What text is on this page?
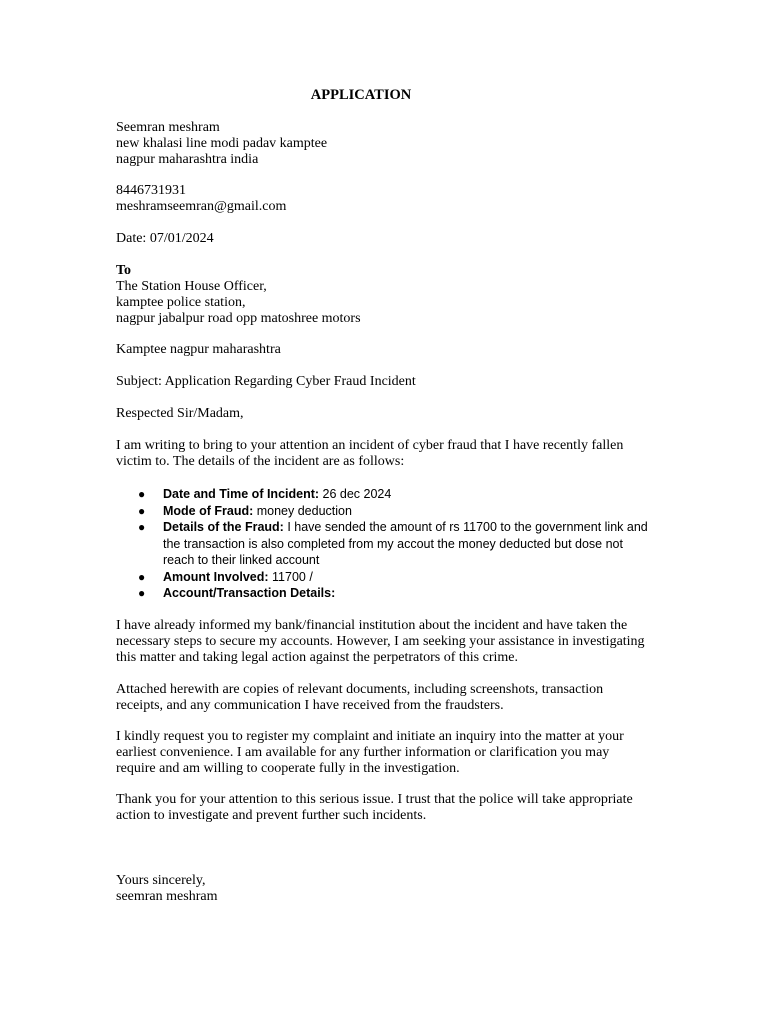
APPLICATION
Seemran meshram
new khalasi line modi padav kamptee
nagpur maharashtra india
8446731931
meshramseemran@gmail.com
Date: 07/01/2024
To
The Station House Officer,
kamptee police station,
nagpur jabalpur road opp matoshree motors
Kamptee nagpur maharashtra
Subject: Application Regarding Cyber Fraud Incident
Respected Sir/Madam,

I am writing to bring to your attention an incident of cyber fraud that I have recently fallen victim to. The details of the incident are as follows:

● Date and Time of Incident: 26 dec 2024
● Mode of Fraud: money deduction
● Details of the Fraud: I have sended the amount of rs 11700 to the government link and the transaction is also completed from my accout the money deducted but dose not reach to their linked account
● Amount Involved: 11700 /
● Account/Transaction Details:

I have already informed my bank/financial institution about the incident and have taken the necessary steps to secure my accounts. However, I am seeking your assistance in investigating this matter and taking legal action against the perpetrators of this crime.

Attached herewith are copies of relevant documents, including screenshots, transaction receipts, and any communication I have received from the fraudsters.

I kindly request you to register my complaint and initiate an inquiry into the matter at your earliest convenience. I am available for any further information or clarification you may require and am willing to cooperate fully in the investigation.

Thank you for your attention to this serious issue. I trust that the police will take appropriate action to investigate and prevent further such incidents.

Yours sincerely,
seemran meshram
